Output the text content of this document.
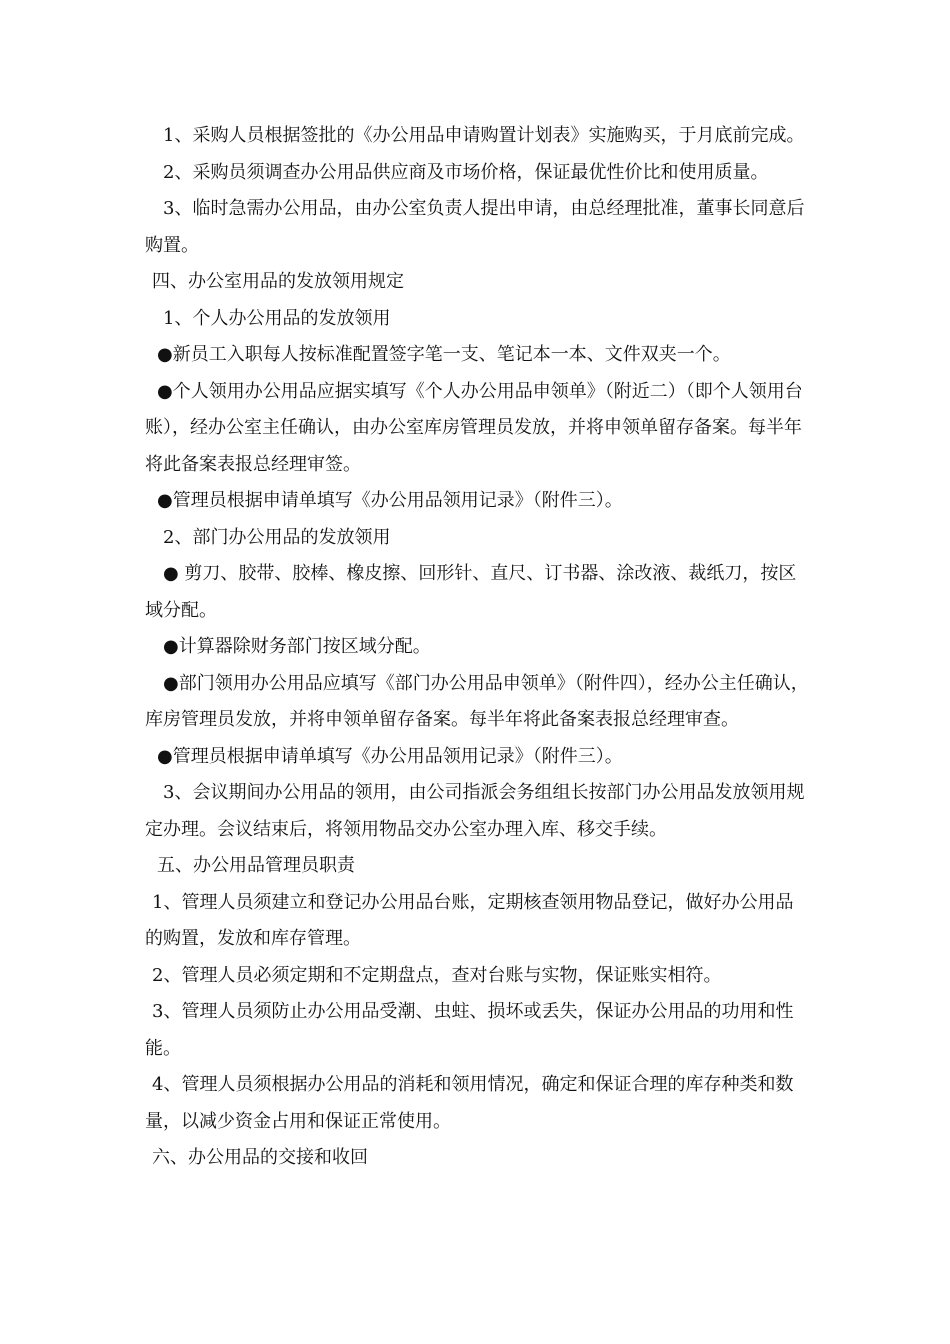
1、采购人员根据签批的《办公用品申请购置计划表》实施购买，于月底前完成。

2、采购员须调查办公用品供应商及市场价格，保证最优性价比和使用质量。

3、临时急需办公用品，由办公室负责人提出申请，由总经理批准，董事长同意后购置。

四、办公室用品的发放领用规定

1、个人办公用品的发放领用

●新员工入职每人按标准配置签字笔一支、笔记本一本、文件双夹一个。

●个人领用办公用品应据实填写《个人办公用品申领单》（附近二）（即个人领用台账），经办公室主任确认，由办公室库房管理员发放，并将申领单留存备案。每半年将此备案表报总经理审签。

●管理员根据申请单填写《办公用品领用记录》（附件三）。

2、部门办公用品的发放领用

● 剪刀、胶带、胶棒、橡皮擦、回形针、直尺、订书器、涂改液、裁纸刀，按区域分配。

●计算器除财务部门按区域分配。

●部门领用办公用品应填写《部门办公用品申领单》（附件四），经办公主任确认，库房管理员发放，并将申领单留存备案。每半年将此备案表报总经理审查。

●管理员根据申请单填写《办公用品领用记录》（附件三）。

3、会议期间办公用品的领用，由公司指派会务组组长按部门办公用品发放领用规定办理。会议结束后，将领用物品交办公室办理入库、移交手续。

五、办公用品管理员职责

1、管理人员须建立和登记办公用品台账，定期核查领用物品登记，做好办公用品的购置，发放和库存管理。

2、管理人员必须定期和不定期盘点，查对台账与实物，保证账实相符。

3、管理人员须防止办公用品受潮、虫蛀、损坏或丢失，保证办公用品的功用和性能。

4、管理人员须根据办公用品的消耗和领用情况，确定和保证合理的库存种类和数量，以减少资金占用和保证正常使用。

六、办公用品的交接和收回
